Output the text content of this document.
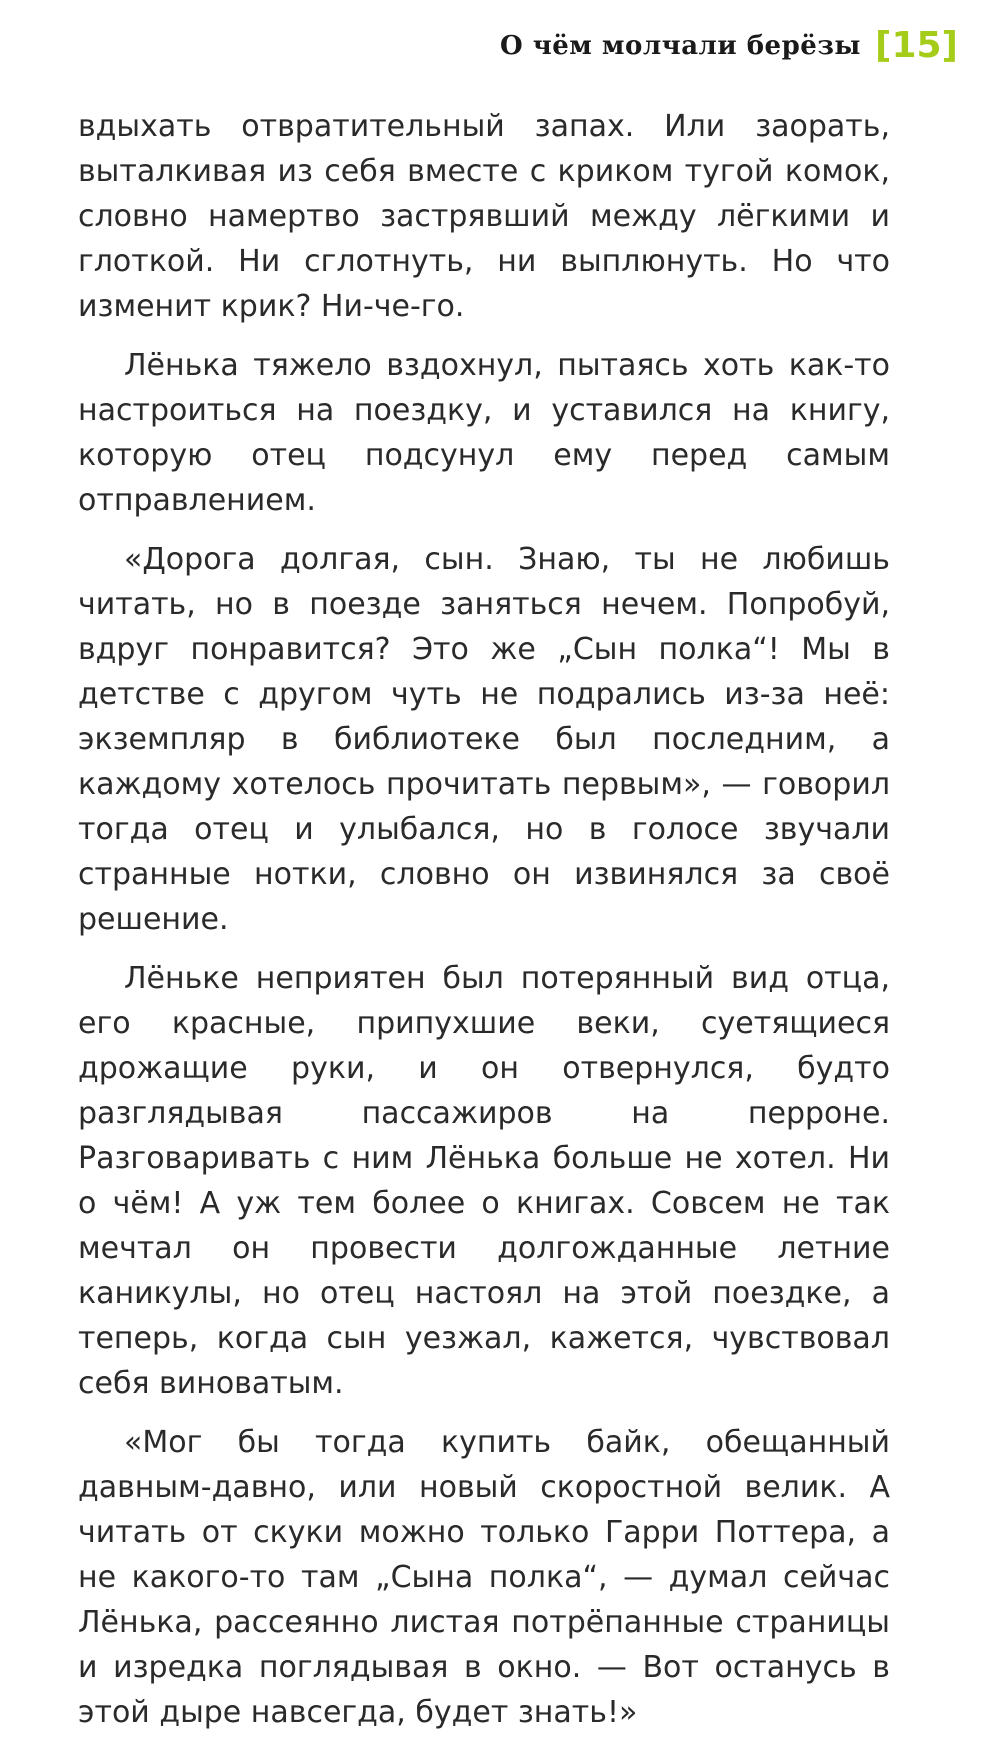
О чём молчали берёзы [15]

вдыхать отвратительный запах. Или заорать, выталкивая из себя вместе с криком тугой комок, словно намертво застрявший между лёгкими и глоткой. Ни сглотнуть, ни выплюнуть. Но что изменит крик? Ни-че-го.

Лёнька тяжело вздохнул, пытаясь хоть как-то настроиться на поездку, и уставился на книгу, которую отец подсунул ему перед самым отправлением.

«Дорога долгая, сын. Знаю, ты не любишь читать, но в поезде заняться нечем. Попробуй, вдруг понравится? Это же „Сын полка“! Мы в детстве с другом чуть не подрались из-за неё: экземпляр в библиотеке был последним, а каждому хотелось прочитать первым», — говорил тогда отец и улыбался, но в голосе звучали странные нотки, словно он извинялся за своё решение.

Лёньке неприятен был потерянный вид отца, его красные, припухшие веки, суетящиеся дрожащие руки, и он отвернулся, будто разглядывая пассажиров на перроне. Разговаривать с ним Лёнька больше не хотел. Ни о чём! А уж тем более о книгах. Совсем не так мечтал он провести долгожданные летние каникулы, но отец настоял на этой поездке, а теперь, когда сын уезжал, кажется, чувствовал себя виноватым.

«Мог бы тогда купить байк, обещанный давным-давно, или новый скоростной велик. А читать от скуки можно только Гарри Поттера, а не какого-то там „Сына полка“, — думал сейчас Лёнька, рассеянно листая потрёпанные страницы и изредка поглядывая в окно. — Вот останусь в этой дыре навсегда, будет знать!»
